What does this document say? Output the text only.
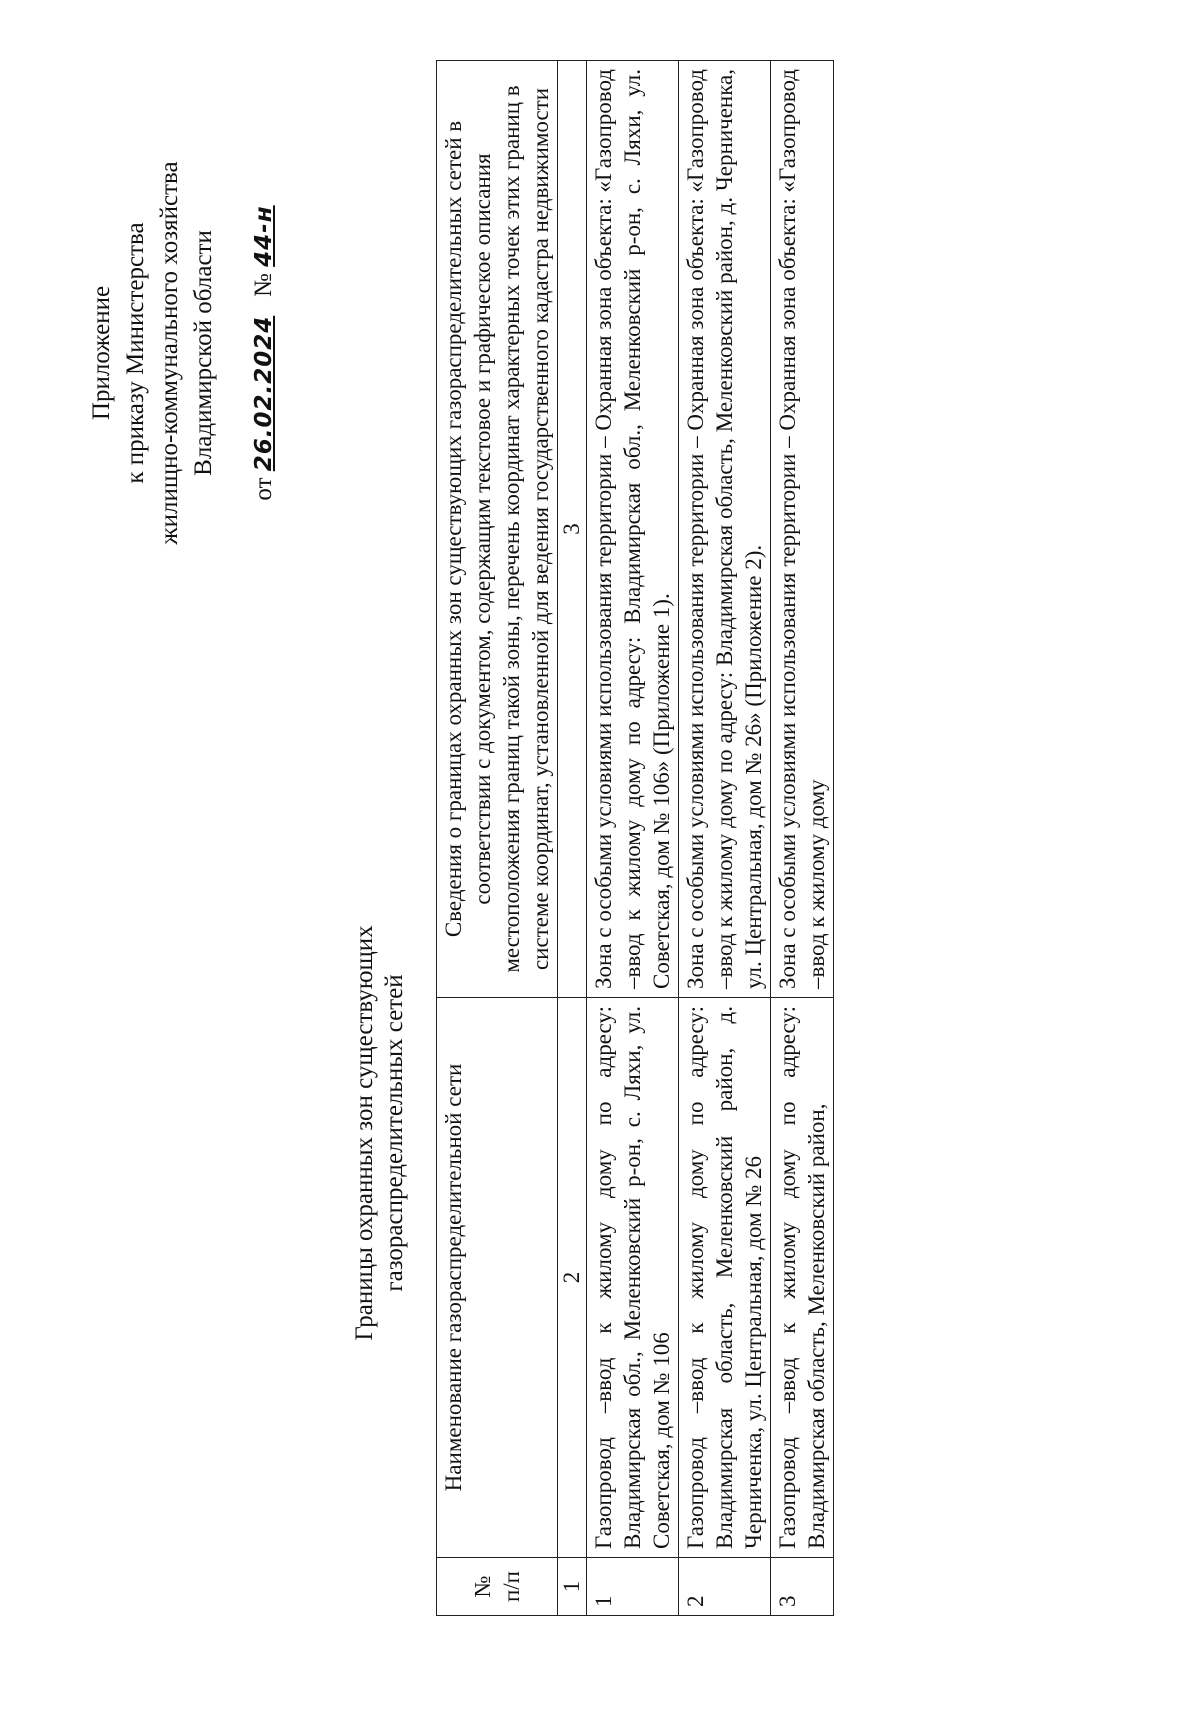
Приложение к приказу Министерства жилищно-коммунального хозяйства Владимирской области
от 26.02.2024   № 44-н
Границы охранных зон существующих газораспределительных сетей
№ п/п	Наименование газораспределительной сети	Сведения о границах охранных зон существующих газораспределительных сетей в соответствии с документом, содержащим текстовое и графическое описания местоположения границ такой зоны, перечень координат характерных точек этих границ в системе координат, установленной для ведения государственного кадастра недвижимости
1	2	3
1	Газопровод –ввод к жилому дому по адресу: Владимирская обл., Меленковский р-он, с. Ляхи, ул. Советская, дом № 106	Зона с особыми условиями использования территории – Охранная зона объекта: «Газопровод –ввод к жилому дому по адресу: Владимирская обл., Меленковский р-он, с. Ляхи, ул. Советская, дом № 106» (Приложение 1).
2	Газопровод –ввод к жилому дому по адресу: Владимирская область, Меленковский район, д. Черниченка, ул. Центральная, дом № 26	Зона с особыми условиями использования территории – Охранная зона объекта: «Газопровод –ввод к жилому дому по адресу: Владимирская область, Меленковский район, д. Черниченка, ул. Центральная, дом № 26» (Приложение 2).
3	Газопровод –ввод к жилому дому по адресу: Владимирская область, Меленковский район,	Зона с особыми условиями использования территории – Охранная зона объекта: «Газопровод –ввод к жилому дому
